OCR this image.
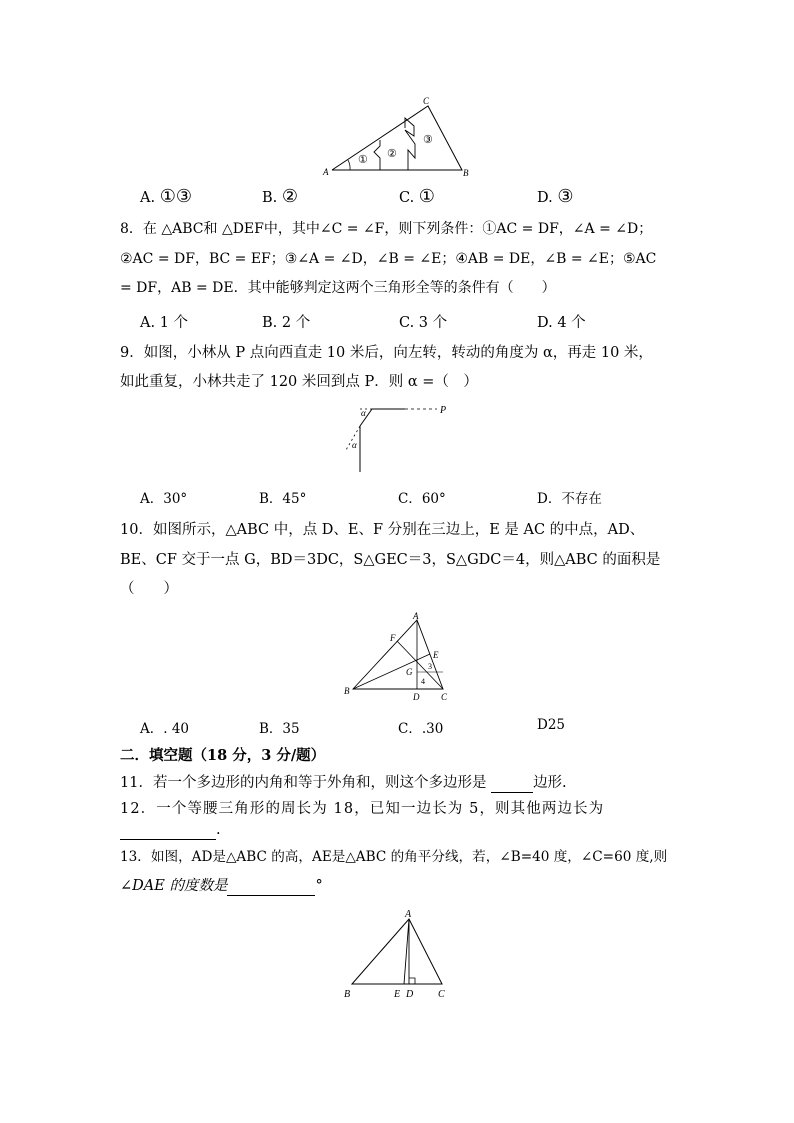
A	B
C
① ②
③
A. ①③	B. ②	C. ①	D. ③
8．在 △ABC和 △DEF中，其中∠C = ∠F，则下列条件：①AC = DF，∠A = ∠D；
②AC = DF，BC = EF；③∠A = ∠D，∠B = ∠E；④AB = DE，∠B = ∠E；⑤AC
= DF，AB = DE．其中能够判定这两个三角形全等的条件有（　　）
A. 1 个	B. 2 个	C. 3 个	D. 4 个
9．如图，小林从 P 点向西直走 10 米后，向左转，转动的角度为 α，再走 10 米，
如此重复，小林共走了 120 米回到点 P．则 α =（　）
P
α
α
A．30°	B．45°	C．60°	D．不存在
10．如图所示，△ABC 中，点 D、E、F 分别在三边上，E 是 AC 的中点，AD、
BE、CF 交于一点 G，BD＝3DC，S△GEC＝3，S△GDC＝4，则△ABC 的面积是
（　　）
A
B
C
D
E
F
G
3
4
A．. 40	B．35	C．.30	D25
二．填空题（18 分，3 分/题）
11．若一个多边形的内角和等于外角和，则这个多边形是	边形.
12．一个等腰三角形的周长为 18，已知一边长为 5，则其他两边长为
.
13．如图，AD是△ABC 的高，AE是△ABC 的角平分线，若，∠B=40 度，∠C=60 度,则
∠DAE 的度数是	°
A
B	C
E D
